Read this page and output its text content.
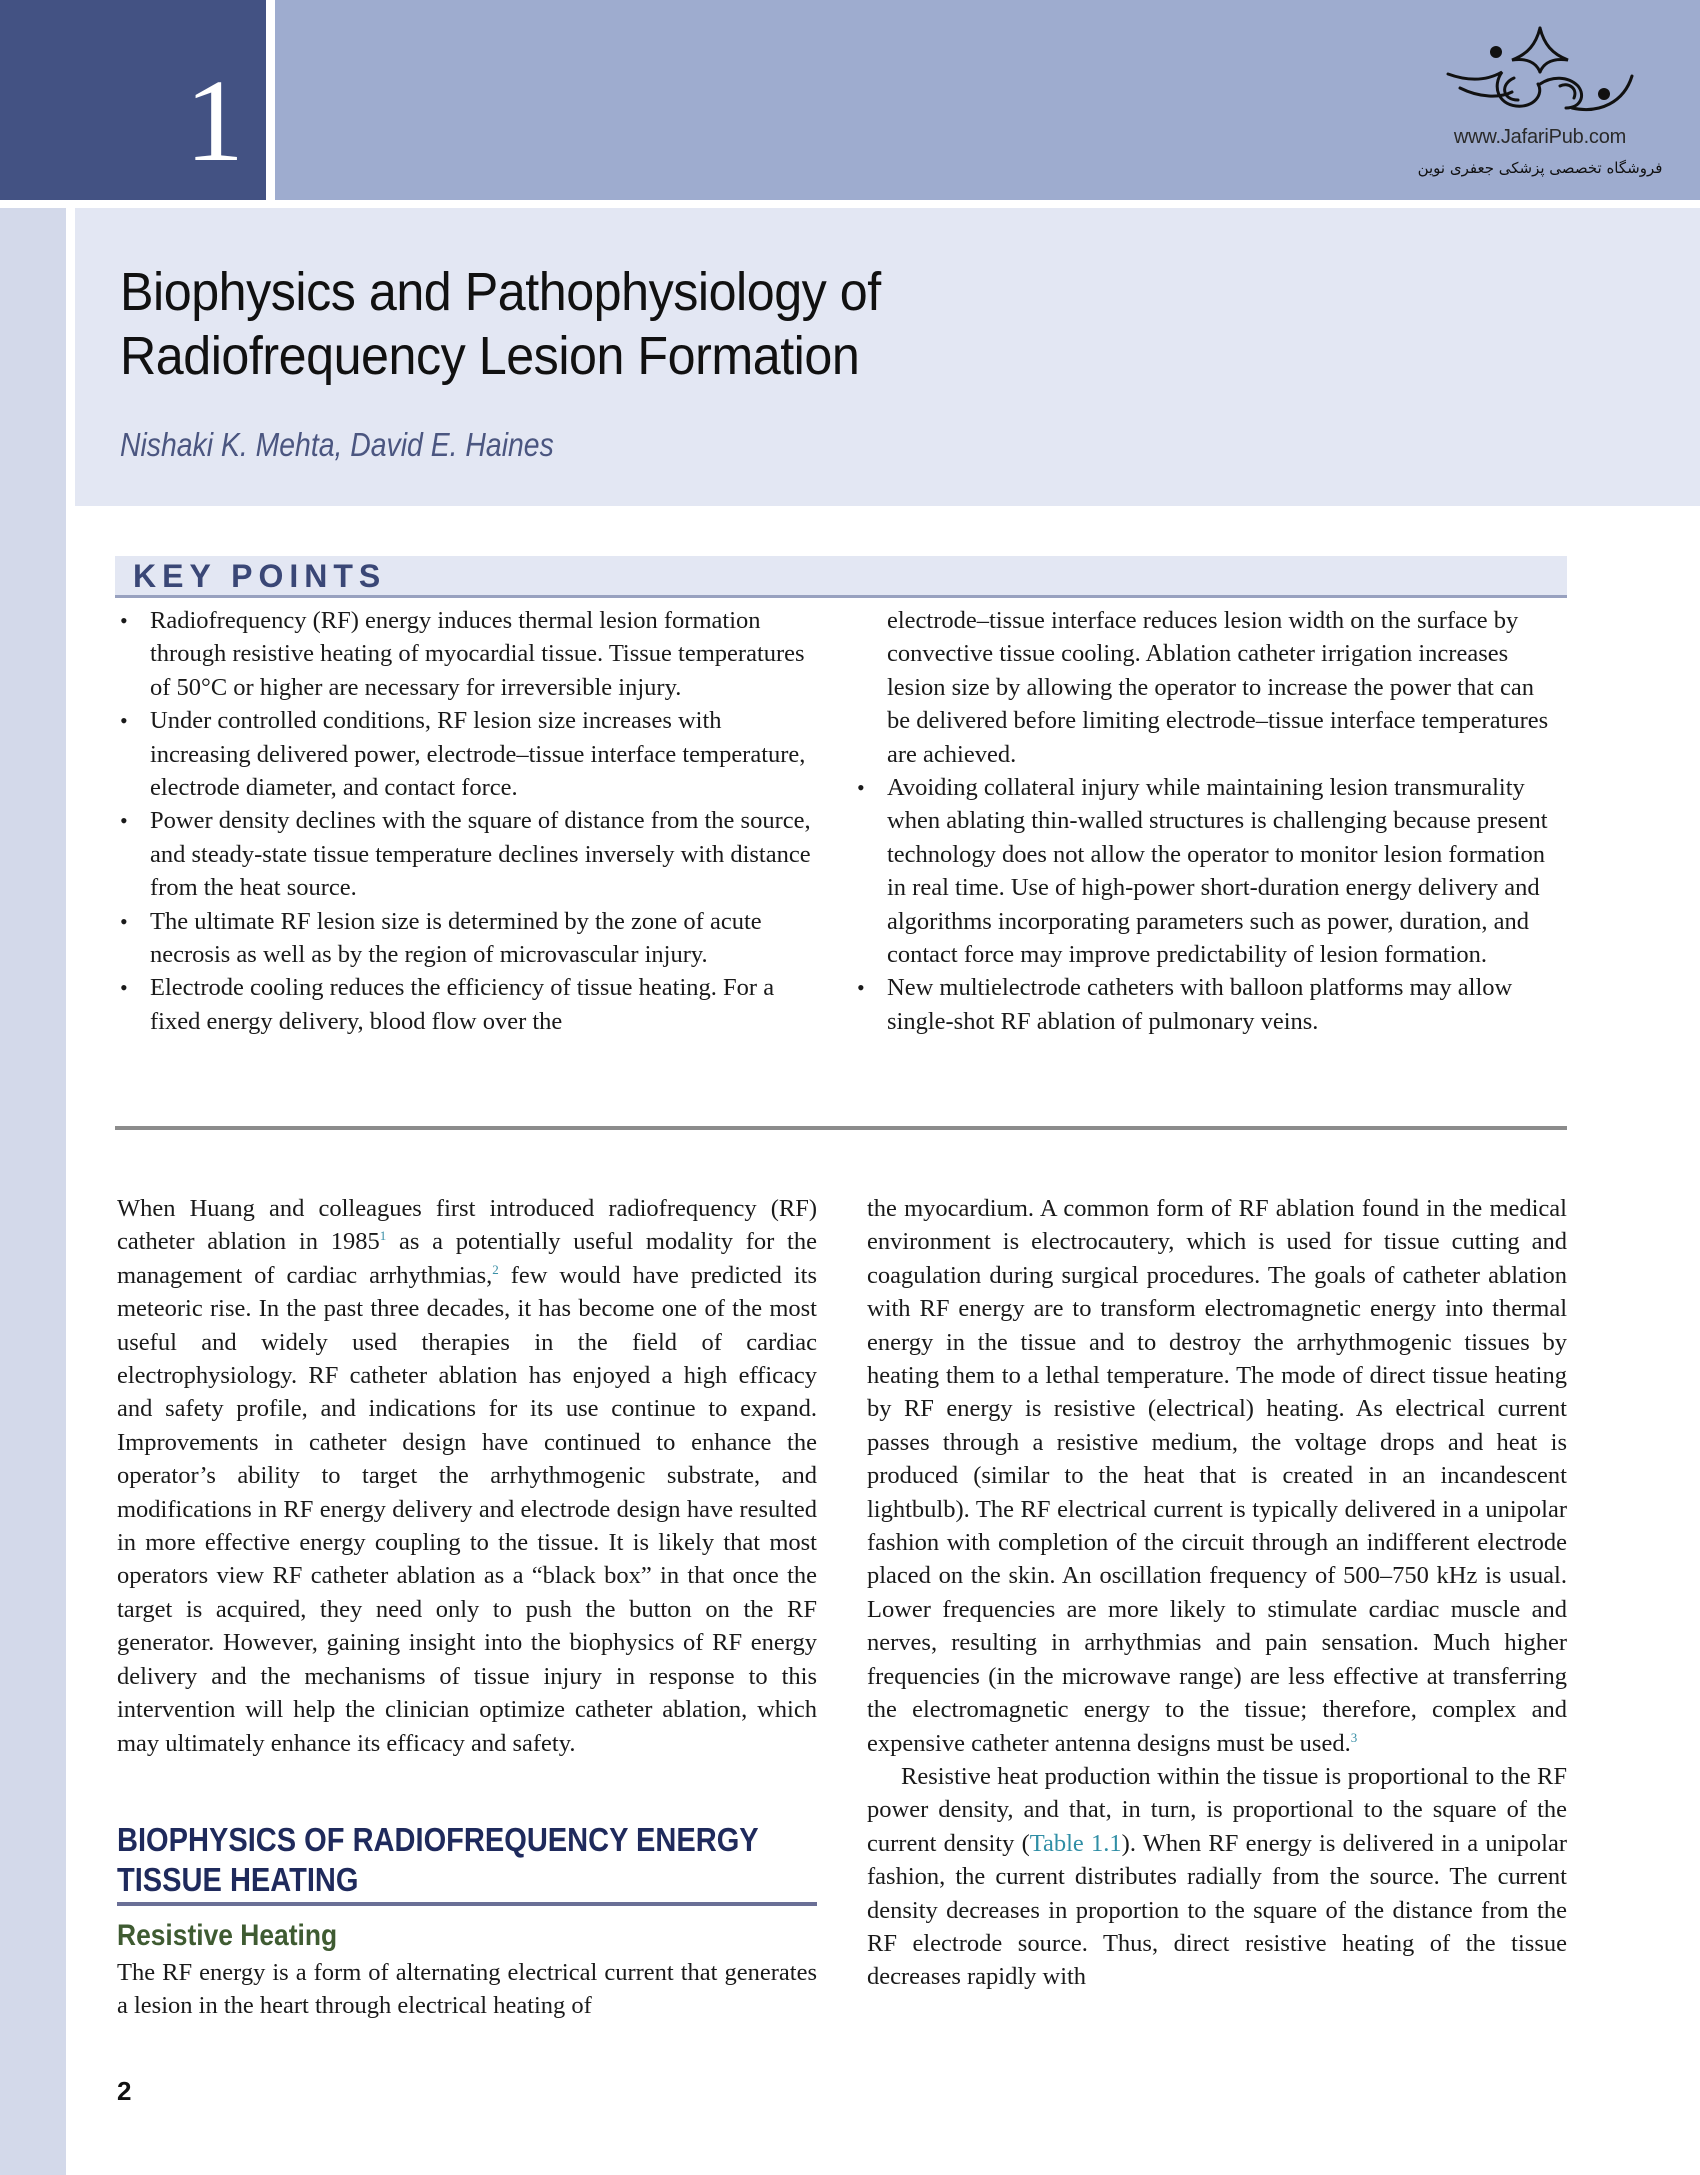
1	www.JafariPub.com
فروشگاه تخصصی پزشکی جعفری نوین
Biophysics and Pathophysiology of
Radiofrequency Lesion Formation
Nishaki K. Mehta, David E. Haines
KEY POINTS
• Radiofrequency (RF) energy induces thermal lesion formation through resistive heating of myocardial tissue. Tissue temperatures of 50°C or higher are necessary for irreversible injury.
• Under controlled conditions, RF lesion size increases with increasing delivered power, electrode–tissue interface temperature, electrode diameter, and contact force.
• Power density declines with the square of distance from the source, and steady-state tissue temperature declines inversely with distance from the heat source.
• The ultimate RF lesion size is determined by the zone of acute necrosis as well as by the region of microvascular injury.
• Electrode cooling reduces the efficiency of tissue heating. For a fixed energy delivery, blood flow over the
electrode–tissue interface reduces lesion width on the surface by convective tissue cooling. Ablation catheter irrigation increases lesion size by allowing the operator to increase the power that can be delivered before limiting electrode–tissue interface temperatures are achieved.
• Avoiding collateral injury while maintaining lesion transmurality when ablating thin-walled structures is challenging because present technology does not allow the operator to monitor lesion formation in real time. Use of high-power short-duration energy delivery and algorithms incorporating parameters such as power, duration, and contact force may improve predictability of lesion formation.
• New multielectrode catheters with balloon platforms may allow single-shot RF ablation of pulmonary veins.

When Huang and colleagues first introduced radiofrequency (RF) catheter ablation in 1985$^1$ as a potentially useful modality for the management of cardiac arrhythmias,$^2$ few would have predicted its meteoric rise. In the past three decades, it has become one of the most useful and widely used therapies in the field of cardiac electrophysiology. RF catheter ablation has enjoyed a high efficacy and safety profile, and indications for its use continue to expand. Improvements in catheter design have continued to enhance the operator’s ability to target the arrhythmogenic substrate, and modifications in RF energy delivery and electrode design have resulted in more effective energy coupling to the tissue. It is likely that most operators view RF catheter ablation as a “black box” in that once the target is acquired, they need only to push the button on the RF generator. However, gaining insight into the biophysics of RF energy delivery and the mechanisms of tissue injury in response to this intervention will help the clinician optimize catheter ablation, which may ultimately enhance its efficacy and safety.

BIOPHYSICS OF RADIOFREQUENCY ENERGY TISSUE HEATING
Resistive Heating

The RF energy is a form of alternating electrical current that generates a lesion in the heart through electrical heating of

the myocardium. A common form of RF ablation found in the medical environment is electrocautery, which is used for tissue cutting and coagulation during surgical procedures. The goals of catheter ablation with RF energy are to transform electromagnetic energy into thermal energy in the tissue and to destroy the arrhythmogenic tissues by heating them to a lethal temperature. The mode of direct tissue heating by RF energy is resistive (electrical) heating. As electrical current passes through a resistive medium, the voltage drops and heat is produced (similar to the heat that is created in an incandescent lightbulb). The RF electrical current is typically delivered in a unipolar fashion with completion of the circuit through an indifferent electrode placed on the skin. An oscillation frequency of 500–750 kHz is usual. Lower frequencies are more likely to stimulate cardiac muscle and nerves, resulting in arrhythmias and pain sensation. Much higher frequencies (in the microwave range) are less effective at transferring the electromagnetic energy to the tissue; therefore, complex and expensive catheter antenna designs must be used.$^3$

Resistive heat production within the tissue is proportional to the RF power density, and that, in turn, is proportional to the square of the current density (Table 1.1). When RF energy is delivered in a unipolar fashion, the current distributes radially from the source. The current density decreases in proportion to the square of the distance from the RF electrode source. Thus, direct resistive heating of the tissue decreases rapidly with

2
